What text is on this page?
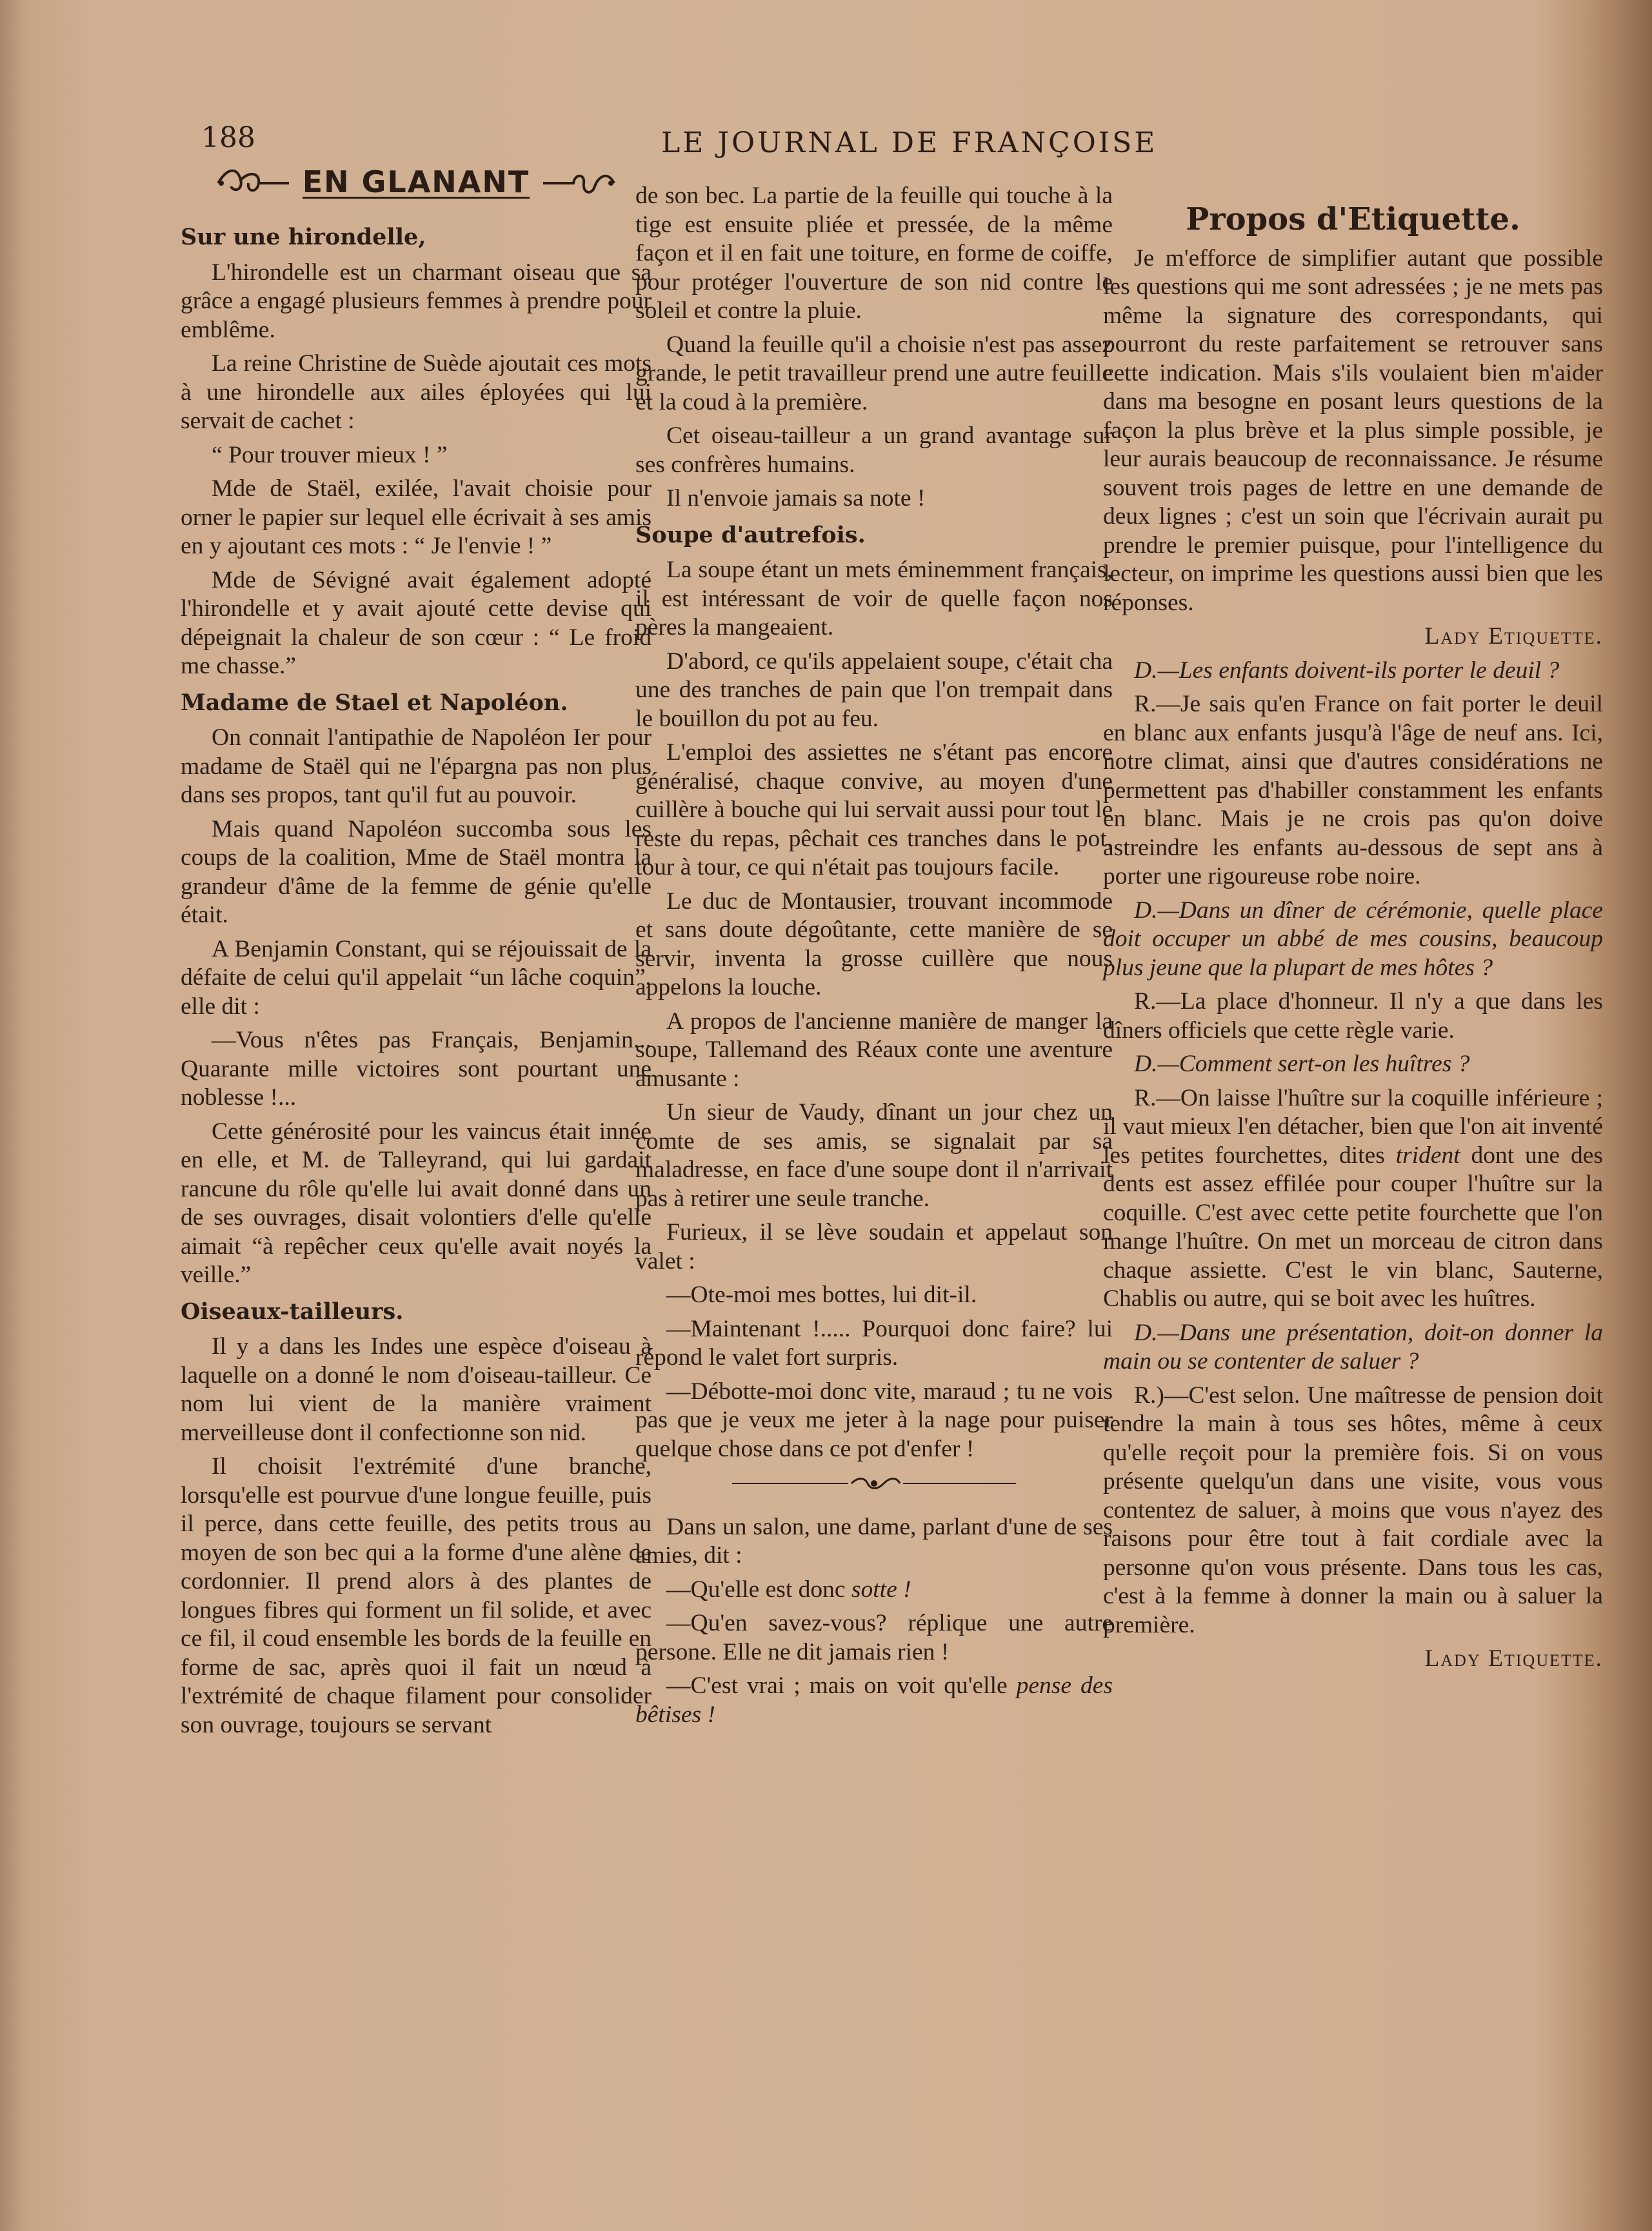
188	LE JOURNAL DE FRANÇOISE
EN GLANANT
Sur une hirondelle,

L'hirondelle est un charmant oiseau que sa grâce a engagé plusieurs femmes à prendre pour emblême.

La reine Christine de Suède ajoutait ces mots à une hirondelle aux ailes éployées qui lui servait de cachet :

“ Pour trouver mieux ! ”

Mde de Staël, exilée, l'avait choisie pour orner le papier sur lequel elle écrivait à ses amis en y ajoutant ces mots : “ Je l'envie ! ”

Mde de Sévigné avait également adopté l'hirondelle et y avait ajouté cette devise qui dépeignait la chaleur de son cœur : “ Le froid me chasse.”

Madame de Stael et Napoléon.

On connait l'antipathie de Napoléon Ier pour madame de Staël qui ne l'épargna pas non plus dans ses propos, tant qu'il fut au pouvoir.

Mais quand Napoléon succomba sous les coups de la coalition, Mme de Staël montra la grandeur d'âme de la femme de génie qu'elle était.

A Benjamin Constant, qui se réjouissait de la défaite de celui qu'il appelait “un lâche coquin”, elle dit :

—Vous n'êtes pas Français, Benjamin... Quarante mille victoires sont pourtant une noblesse !...

Cette générosité pour les vaincus était innée en elle, et M. de Talleyrand, qui lui gardait rancune du rôle qu'elle lui avait donné dans un de ses ouvrages, disait volontiers d'elle qu'elle aimait “à repêcher ceux qu'elle avait noyés la veille.”

Oiseaux-tailleurs.

Il y a dans les Indes une espèce d'oiseau à laquelle on a donné le nom d'oiseau-tailleur. Ce nom lui vient de la manière vraiment merveilleuse dont il confectionne son nid.

Il choisit l'extrémité d'une branche, lorsqu'elle est pourvue d'une longue feuille, puis il perce, dans cette feuille, des petits trous au moyen de son bec qui a la forme d'une alène de cordonnier. Il prend alors à des plantes de longues fibres qui forment un fil solide, et avec ce fil, il coud ensemble les bords de la feuille en forme de sac, après quoi il fait un nœud à l'extrémité de chaque filament pour consolider son ouvrage, toujours se servant

de son bec. La partie de la feuille qui touche à la tige est ensuite pliée et pressée, de la même façon et il en fait une toiture, en forme de coiffe, pour protéger l'ouverture de son nid contre le soleil et contre la pluie.

Quand la feuille qu'il a choisie n'est pas assez grande, le petit travailleur prend une autre feuille et la coud à la première.

Cet oiseau-tailleur a un grand avantage sur ses confrères humains.

Il n'envoie jamais sa note !

Soupe d'autrefois.

La soupe étant un mets éminemment français, il est intéressant de voir de quelle façon nos pères la mangeaient.

D'abord, ce qu'ils appelaient soupe, c'était cha une des tranches de pain que l'on trempait dans le bouillon du pot au feu.

L'emploi des assiettes ne s'étant pas encore généralisé, chaque convive, au moyen d'une cuillère à bouche qui lui servait aussi pour tout le reste du repas, pêchait ces tranches dans le pot, tour à tour, ce qui n'était pas toujours facile.

Le duc de Montausier, trouvant incommode et sans doute dégoûtante, cette manière de se servir, inventa la grosse cuillère que nous appelons la louche.

A propos de l'ancienne manière de manger la soupe, Tallemand des Réaux conte une aventure amusante :

Un sieur de Vaudy, dînant un jour chez un comte de ses amis, se signalait par sa maladresse, en face d'une soupe dont il n'arrivait pas à retirer une seule tranche.

Furieux, il se lève soudain et appelaut son valet :

—Ote-moi mes bottes, lui dit-il.

—Maintenant !..... Pourquoi donc faire? lui répond le valet fort surpris.

—Débotte-moi donc vite, maraud ; tu ne vois pas que je veux me jeter à la nage pour puiser quelque chose dans ce pot d'enfer !

Dans un salon, une dame, parlant d'une de ses amies, dit :

—Qu'elle est donc sotte !

—Qu'en savez-vous? réplique une autre persone. Elle ne dit jamais rien !

—C'est vrai ; mais on voit qu'elle pense des bêtises !

Propos d'Etiquette.

Je m'efforce de simplifier autant que possible les questions qui me sont adressées ; je ne mets pas même la signature des correspondants, qui pourront du reste parfaitement se retrouver sans cette indication. Mais s'ils voulaient bien m'aider dans ma besogne en posant leurs questions de la façon la plus brève et la plus simple possible, je leur aurais beaucoup de reconnaissance. Je résume souvent trois pages de lettre en une demande de deux lignes ; c'est un soin que l'écrivain aurait pu prendre le premier puisque, pour l'intelligence du lecteur, on imprime les questions aussi bien que les réponses.

Lady Etiquette.

D.—Les enfants doivent-ils porter le deuil ?

R.—Je sais qu'en France on fait porter le deuil en blanc aux enfants jusqu'à l'âge de neuf ans. Ici, notre climat, ainsi que d'autres considérations ne permettent pas d'habiller constamment les enfants en blanc. Mais je ne crois pas qu'on doive astreindre les enfants au-dessous de sept ans à porter une rigoureuse robe noire.

D.—Dans un dîner de cérémonie, quelle place doit occuper un abbé de mes cousins, beaucoup plus jeune que la plupart de mes hôtes ?

R.—La place d'honneur. Il n'y a que dans les dîners officiels que cette règle varie.

D.—Comment sert-on les huîtres ?

R.—On laisse l'huître sur la coquille inférieure ; il vaut mieux l'en détacher, bien que l'on ait inventé les petites fourchettes, dites trident dont une des dents est assez effilée pour couper l'huître sur la coquille. C'est avec cette petite fourchette que l'on mange l'huître. On met un morceau de citron dans chaque assiette. C'est le vin blanc, Sauterne, Chablis ou autre, qui se boit avec les huîtres.

D.—Dans une présentation, doit-on donner la main ou se contenter de saluer ?

R.)—C'est selon. Une maîtresse de pension doit tendre la main à tous ses hôtes, même à ceux qu'elle reçoit pour la première fois. Si on vous présente quelqu'un dans une visite, vous vous contentez de saluer, à moins que vous n'ayez des raisons pour être tout à fait cordiale avec la personne qu'on vous présente. Dans tous les cas, c'est à la femme à donner la main ou à saluer la première.

Lady Etiquette.
